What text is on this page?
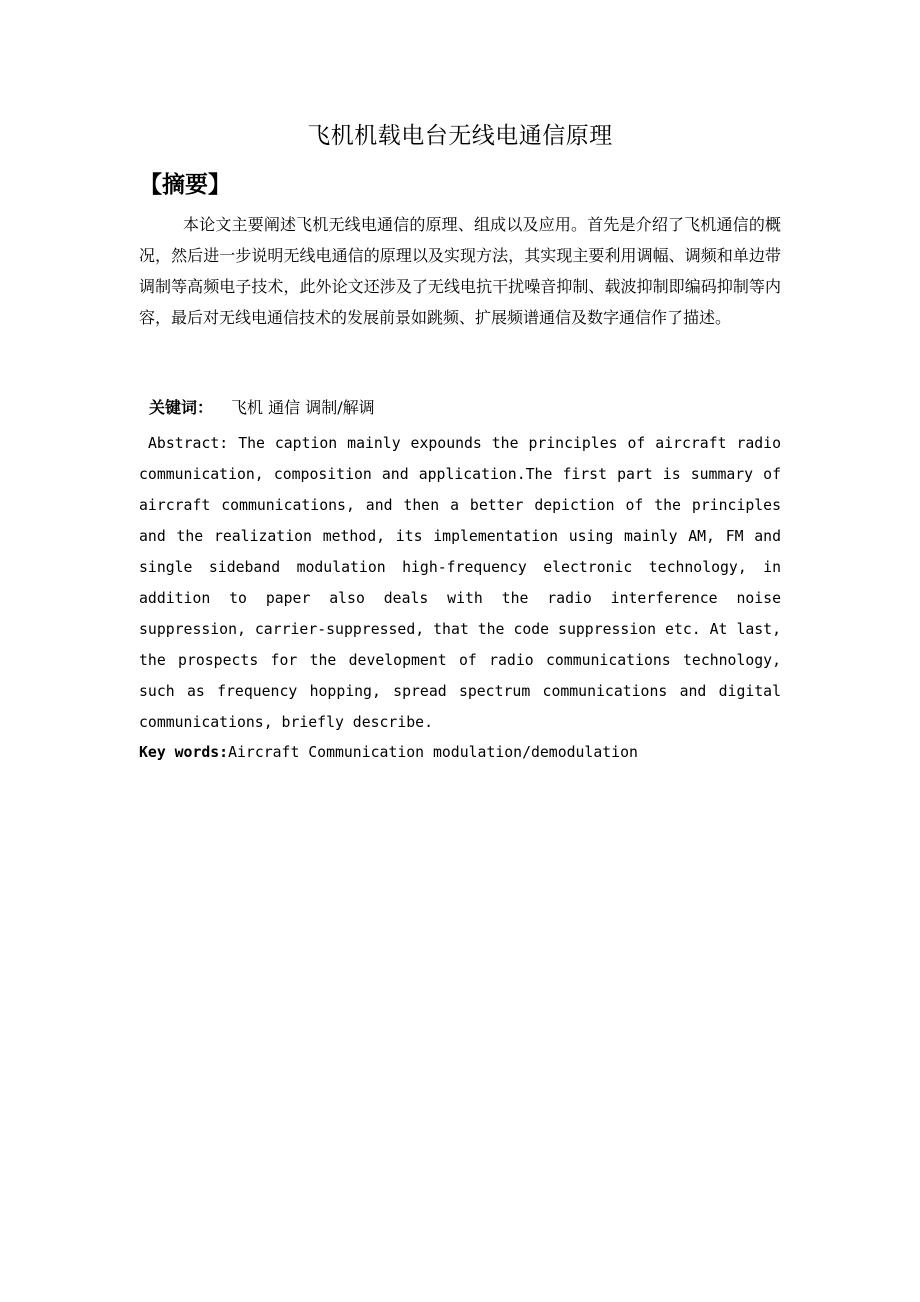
飞机机载电台无线电通信原理
【摘要】

本论文主要阐述飞机无线电通信的原理、组成以及应用。首先是介绍了飞机通信的概况，然后进一步说明无线电通信的原理以及实现方法，其实现主要利用调幅、调频和单边带调制等高频电子技术，此外论文还涉及了无线电抗干扰噪音抑制、载波抑制即编码抑制等内容，最后对无线电通信技术的发展前景如跳频、扩展频谱通信及数字通信作了描述。

关键词： 飞机 通信 调制/解调

Abstract: The caption mainly expounds the principles of aircraft radio communication, composition and application.The first part is summary of aircraft communications, and then a better depiction of the principles and the realization method, its implementation using mainly AM, FM and single sideband modulation high-frequency electronic technology, in addition to paper also deals with the radio interference noise suppression, carrier-suppressed, that the code suppression etc. At last, the prospects for the development of radio communications technology, such as frequency hopping, spread spectrum communications and digital communications, briefly describe.

Key words:Aircraft Communication modulation/demodulation
